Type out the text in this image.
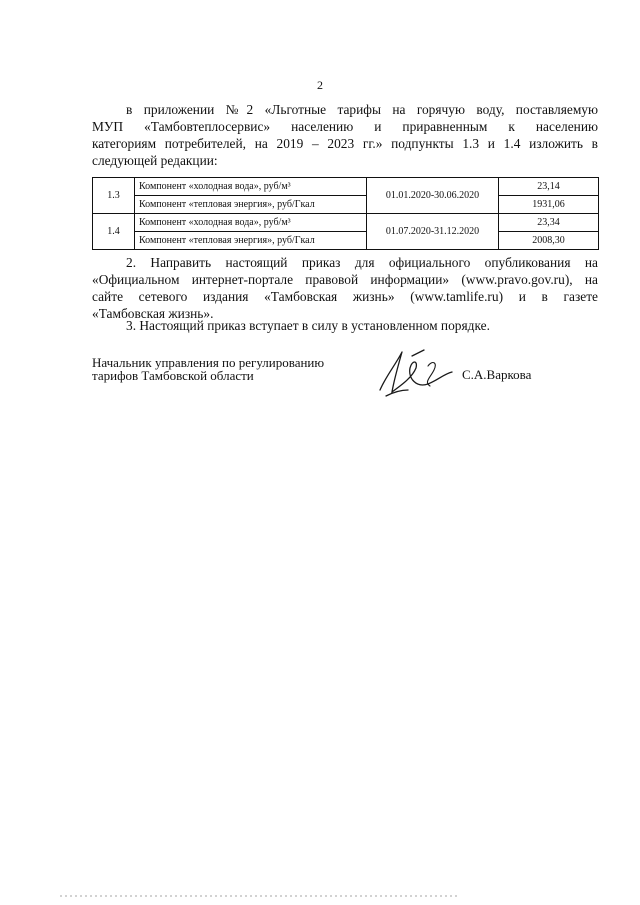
2
в приложении №2 «Льготные тарифы на горячую воду, поставляемую
МУП «Тамбовтеплосервис» населению и приравненным к населению
категориям потребителей, на 2019 – 2023 гг.» подпункты 1.3 и 1.4 изложить в
следующей редакции:
1.3	Компонент «холодная вода», руб/м³	01.01.2020-30.06.2020	23,14
	Компонент «тепловая энергия», руб/Гкал		1931,06
1.4	Компонент «холодная вода», руб/м³	01.07.2020-31.12.2020	23,34
	Компонент «тепловая энергия», руб/Гкал		2008,30
2. Направить настоящий приказ для официального опубликования на
«Официальном интернет-портале правовой информации» (www.pravo.gov.ru), на
сайте сетевого издания «Тамбовская жизнь» (www.tamlife.ru) и в газете
«Тамбовская жизнь».
3. Настоящий приказ вступает в силу в установленном порядке.
Начальник управления по регулированию
тарифов Тамбовской области	С.А.Варкова
